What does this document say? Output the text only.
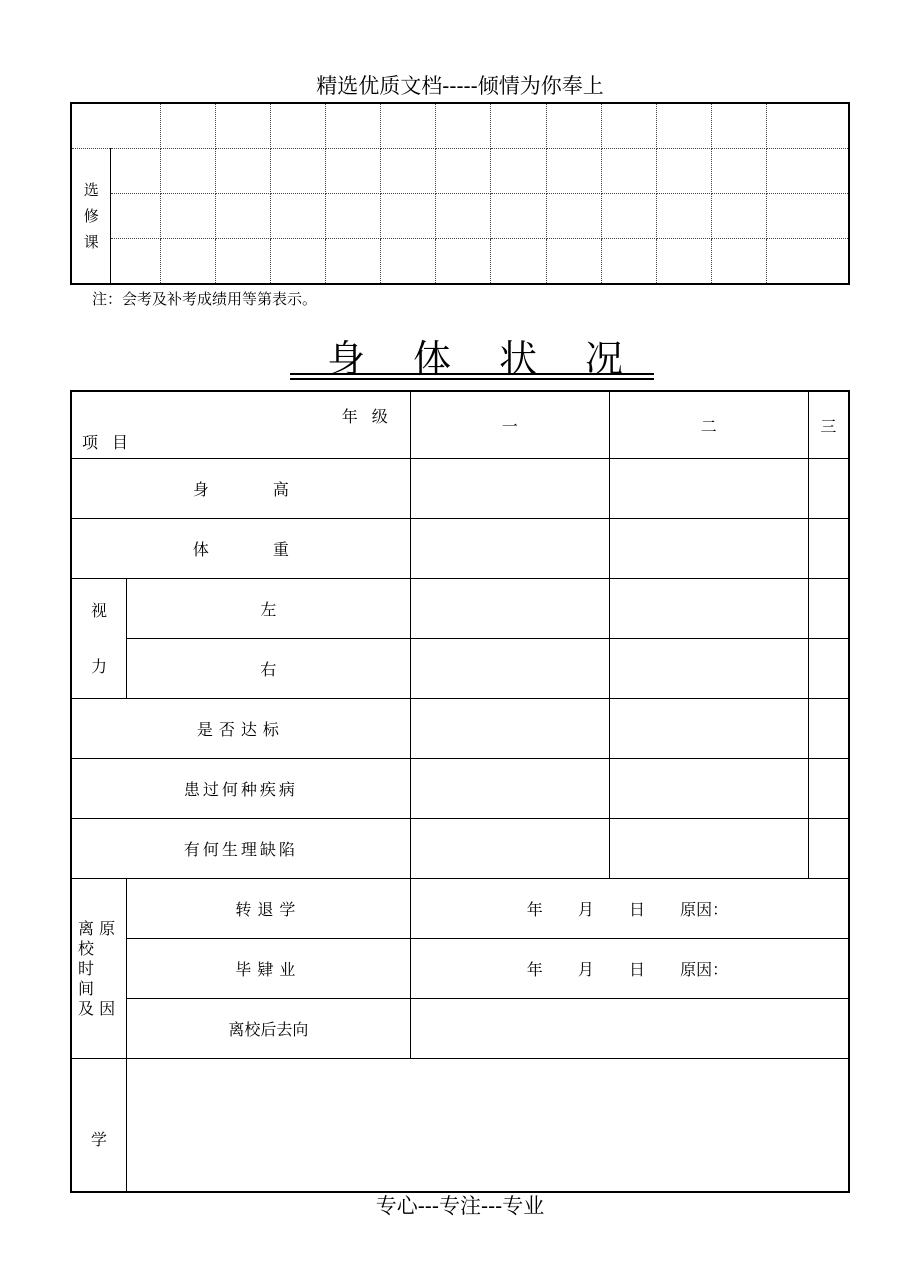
精选优质文档-----倾情为你奉上

选
修
课													

注：会考及补考成绩用等第表示。
身 体 状 况
年级
项目		一	二	三
身　　　　高				
体　　　　重				

视
力	左			
	右			
是否达标				
患过何种疾病				
有何生理缺陷				

离 原
校
时
间
及 因	转退学	年 月 日 原因：		
	毕肄业	年 月 日 原因：		
	离校后去向			
学				
专心---专注---专业
